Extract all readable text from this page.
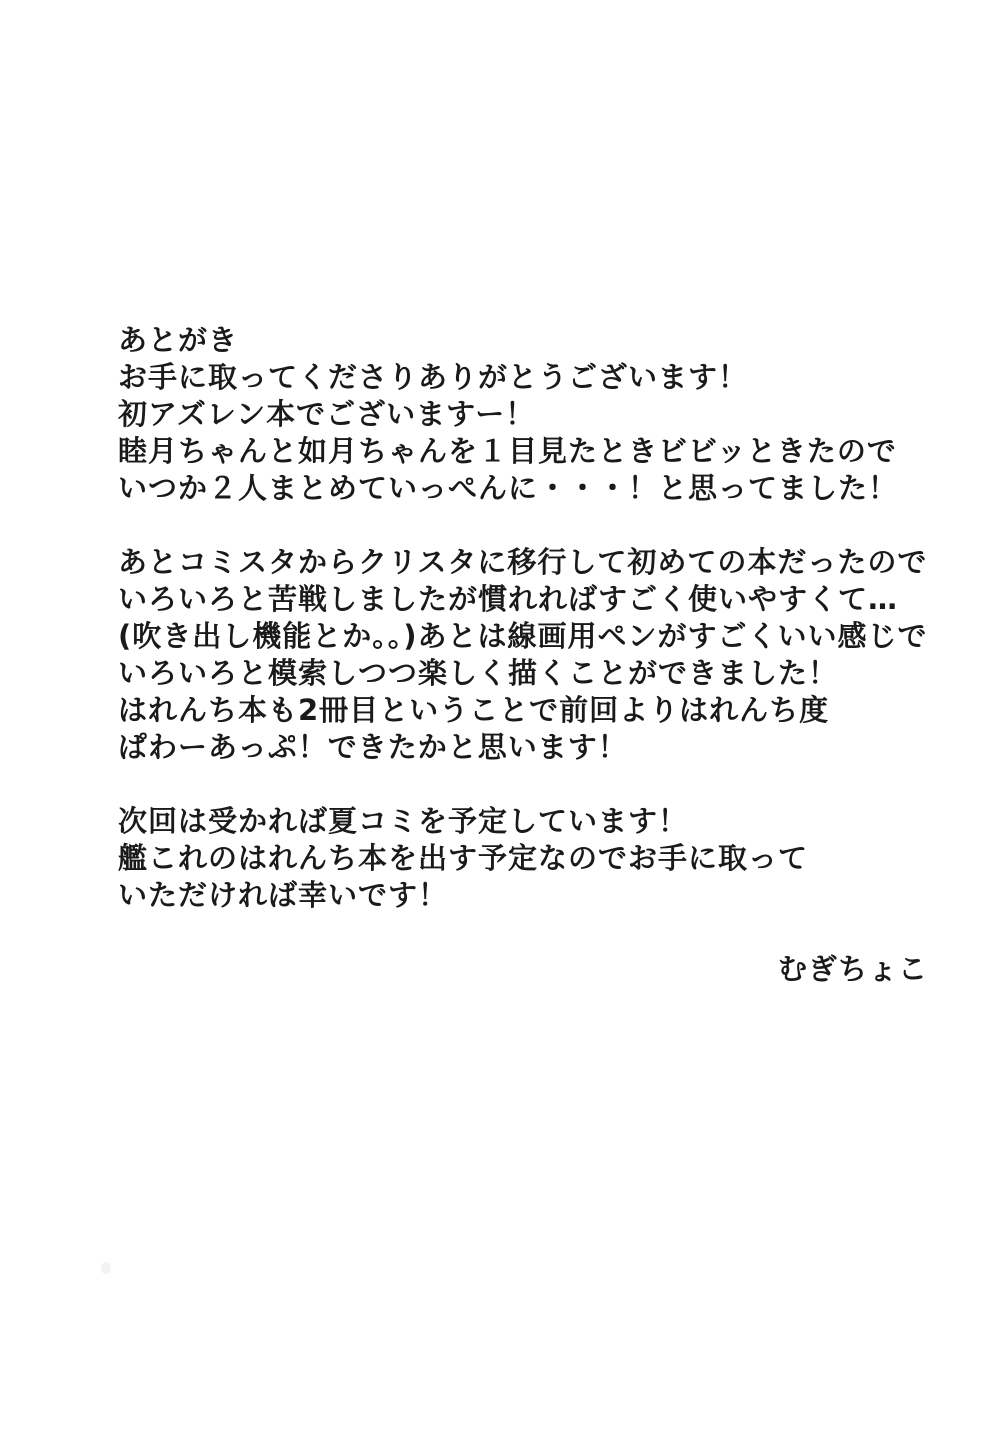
あとがき
お手に取ってくださりありがとうございます！
初アズレン本でございますー！
睦月ちゃんと如月ちゃんを１目見たときビビッときたので
いつか２人まとめていっぺんに・・・！と思ってました！
あとコミスタからクリスタに移行して初めての本だったので
いろいろと苦戦しましたが慣れればすごく使いやすくて…
(吹き出し機能とか。。)あとは線画用ペンがすごくいい感じで
いろいろと模索しつつ楽しく描くことができました！
はれんち本も2冊目ということで前回よりはれんち度
ぱわーあっぷ！できたかと思います！
次回は受かれば夏コミを予定しています！
艦これのはれんち本を出す予定なのでお手に取って
いただければ幸いです！
むぎちょこ
